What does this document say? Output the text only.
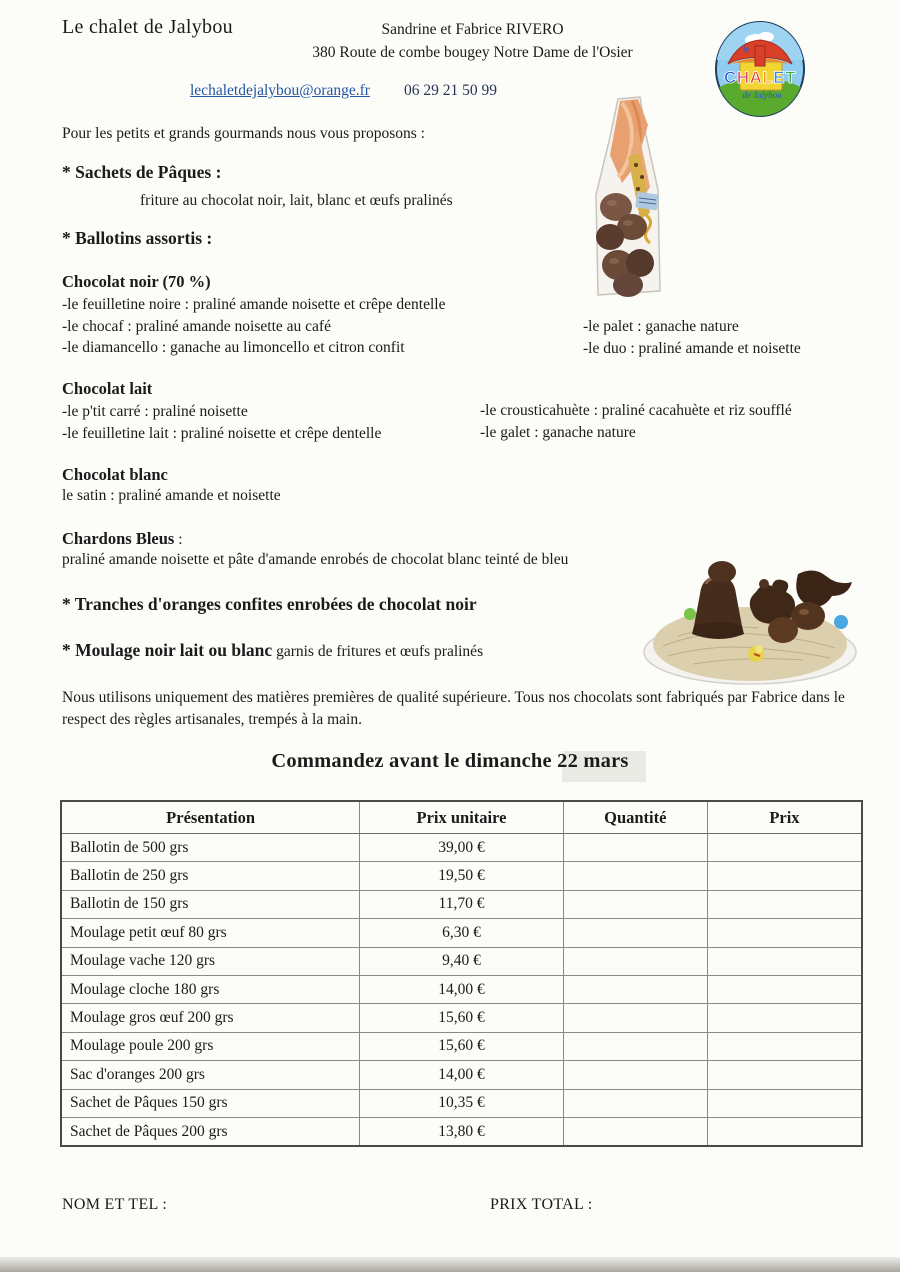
Le chalet de Jalybou	Sandrine et Fabrice RIVERO
380 Route de combe bougey Notre Dame de l'Osier
lechaletdejalybou@orange.fr 06 29 21 50 99
le
CHALET
de Jalybou
Pour les petits et grands gourmands nous vous proposons :
* Sachets de Pâques :
friture au chocolat noir, lait, blanc et œufs pralinés
* Ballotins assortis :
Chocolat noir (70 %)
-le feuilletine noire : praliné amande noisette et crêpe dentelle
-le chocaf : praliné amande noisette au café
-le diamancello : ganache au limoncello et citron confit
-le palet : ganache nature
-le duo : praliné amande et noisette
Chocolat lait
-le p'tit carré : praliné noisette
-le feuilletine lait : praliné noisette et crêpe dentelle
-le crousticahuète : praliné cacahuète et riz soufflé
-le galet : ganache nature
Chocolat blanc
le satin : praliné amande et noisette
Chardons Bleus :
praliné amande noisette et pâte d'amande enrobés de chocolat blanc teinté de bleu
* Tranches d'oranges confites enrobées de chocolat noir
* Moulage noir lait ou blanc garnis de fritures et œufs pralinés
Nous utilisons uniquement des matières premières de qualité supérieure. Tous nos chocolats sont fabriqués par Fabrice dans le respect des règles artisanales, trempés à la main.
Commandez avant le dimanche 22 mars
Présentation	Prix unitaire	Quantité	Prix
Ballotin de 500 grs	39,00 €		
Ballotin de 250 grs	19,50 €		
Ballotin de 150 grs	11,70 €		
Moulage petit œuf 80 grs	6,30 €		
Moulage vache 120 grs	9,40 €		
Moulage cloche 180 grs	14,00 €		
Moulage gros œuf 200 grs	15,60 €		
Moulage poule 200 grs	15,60 €		
Sac d'oranges 200 grs	14,00 €		
Sachet de Pâques 150 grs	10,35 €		
Sachet de Pâques 200 grs	13,80 €		
NOM ET TEL :	PRIX TOTAL :
